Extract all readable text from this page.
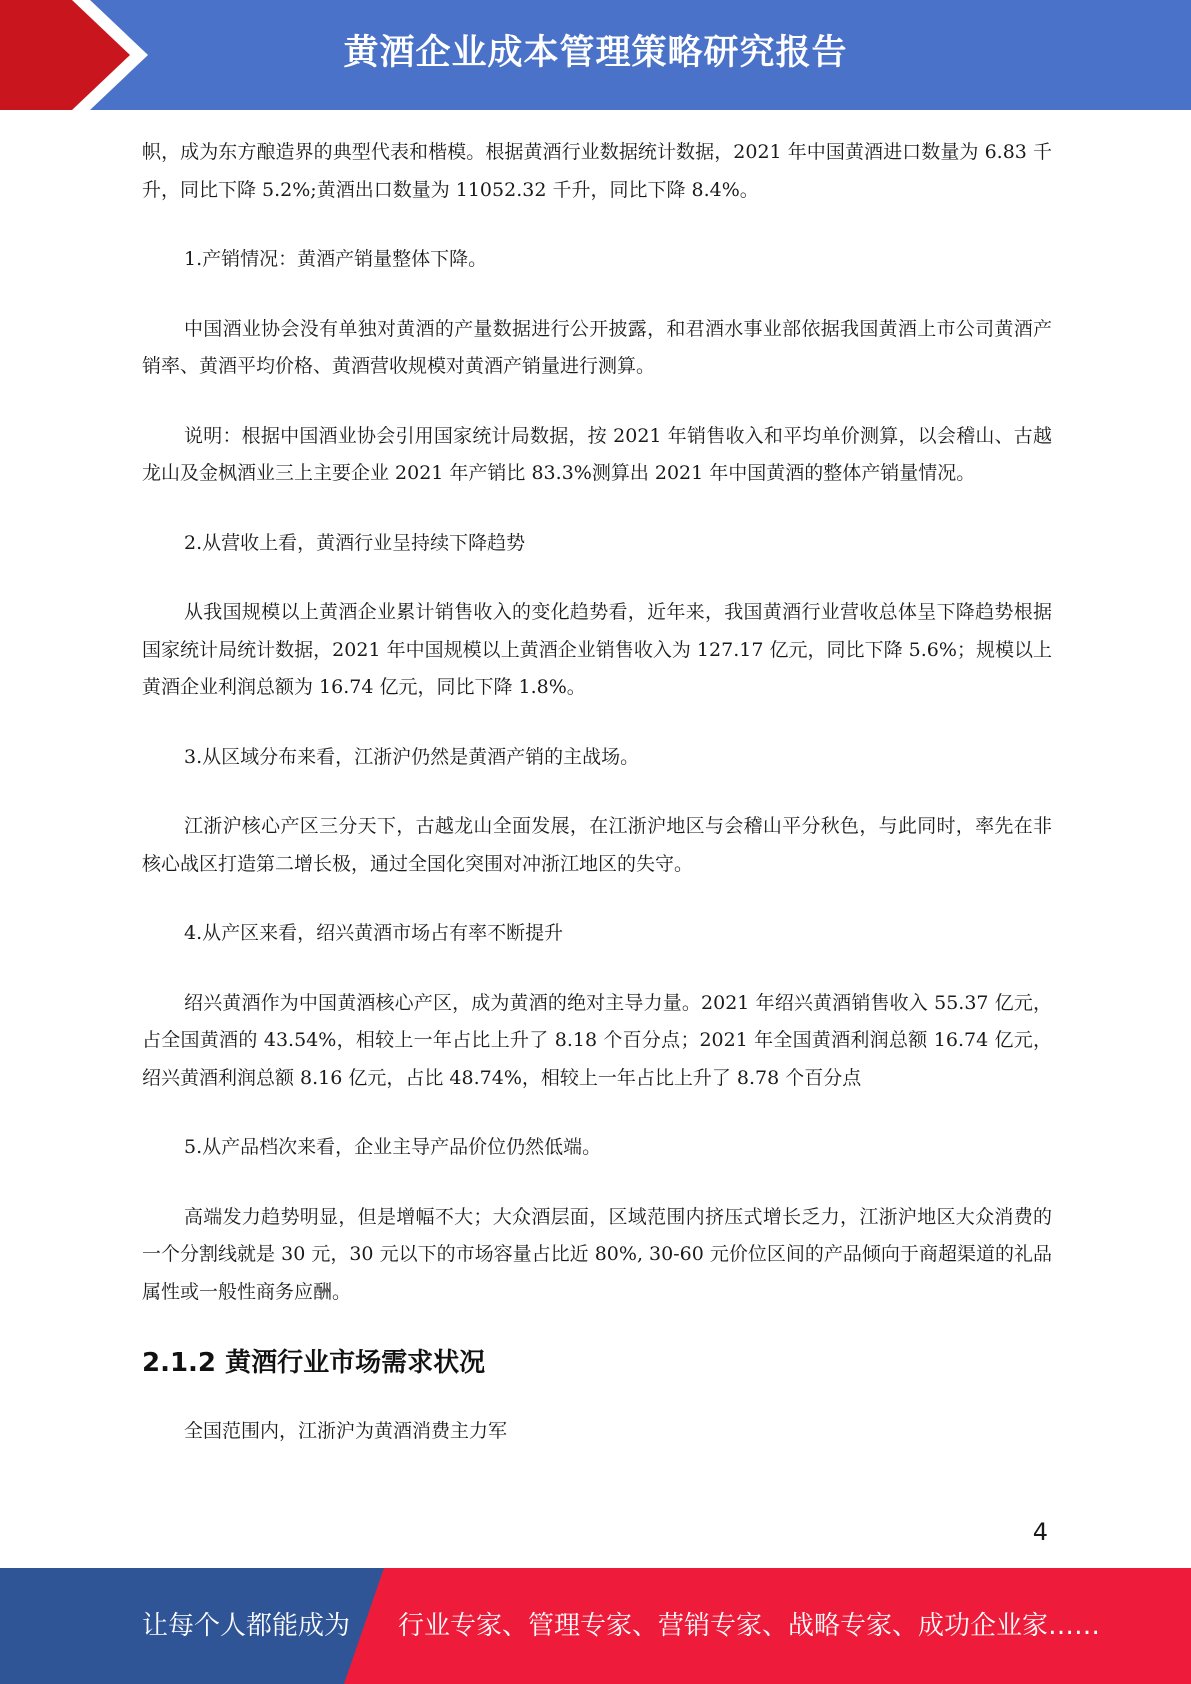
黄酒企业成本管理策略研究报告

帜，成为东方酿造界的典型代表和楷模。根据黄酒行业数据统计数据，2021 年中国黄酒进口数量为 6.83 千升，同比下降 5.2%;黄酒出口数量为 11052.32 千升，同比下降 8.4%。

1.产销情况：黄酒产销量整体下降。

中国酒业协会没有单独对黄酒的产量数据进行公开披露，和君酒水事业部依据我国黄酒上市公司黄酒产销率、黄酒平均价格、黄酒营收规模对黄酒产销量进行测算。

说明：根据中国酒业协会引用国家统计局数据，按 2021 年销售收入和平均单价测算，以会稽山、古越龙山及金枫酒业三上主要企业 2021 年产销比 83.3%测算出 2021 年中国黄酒的整体产销量情况。

2.从营收上看，黄酒行业呈持续下降趋势

从我国规模以上黄酒企业累计销售收入的变化趋势看，近年来，我国黄酒行业营收总体呈下降趋势根据国家统计局统计数据，2021 年中国规模以上黄酒企业销售收入为 127.17 亿元，同比下降 5.6%；规模以上黄酒企业利润总额为 16.74 亿元，同比下降 1.8%。

3.从区域分布来看，江浙沪仍然是黄酒产销的主战场。

江浙沪核心产区三分天下，古越龙山全面发展，在江浙沪地区与会稽山平分秋色，与此同时，率先在非核心战区打造第二增长极，通过全国化突围对冲浙江地区的失守。

4.从产区来看，绍兴黄酒市场占有率不断提升

绍兴黄酒作为中国黄酒核心产区，成为黄酒的绝对主导力量。2021 年绍兴黄酒销售收入 55.37 亿元，占全国黄酒的 43.54%，相较上一年占比上升了 8.18 个百分点；2021 年全国黄酒利润总额 16.74 亿元，绍兴黄酒利润总额 8.16 亿元，占比 48.74%，相较上一年占比上升了 8.78 个百分点

5.从产品档次来看，企业主导产品价位仍然低端。

高端发力趋势明显，但是增幅不大；大众酒层面，区域范围内挤压式增长乏力，江浙沪地区大众消费的一个分割线就是 30 元，30 元以下的市场容量占比近 80%, 30-60 元价位区间的产品倾向于商超渠道的礼品属性或一般性商务应酬。

2.1.2 黄酒行业市场需求状况

全国范围内，江浙沪为黄酒消费主力军

4
让每个人都能成为 行业专家、管理专家、营销专家、战略专家、成功企业家……
